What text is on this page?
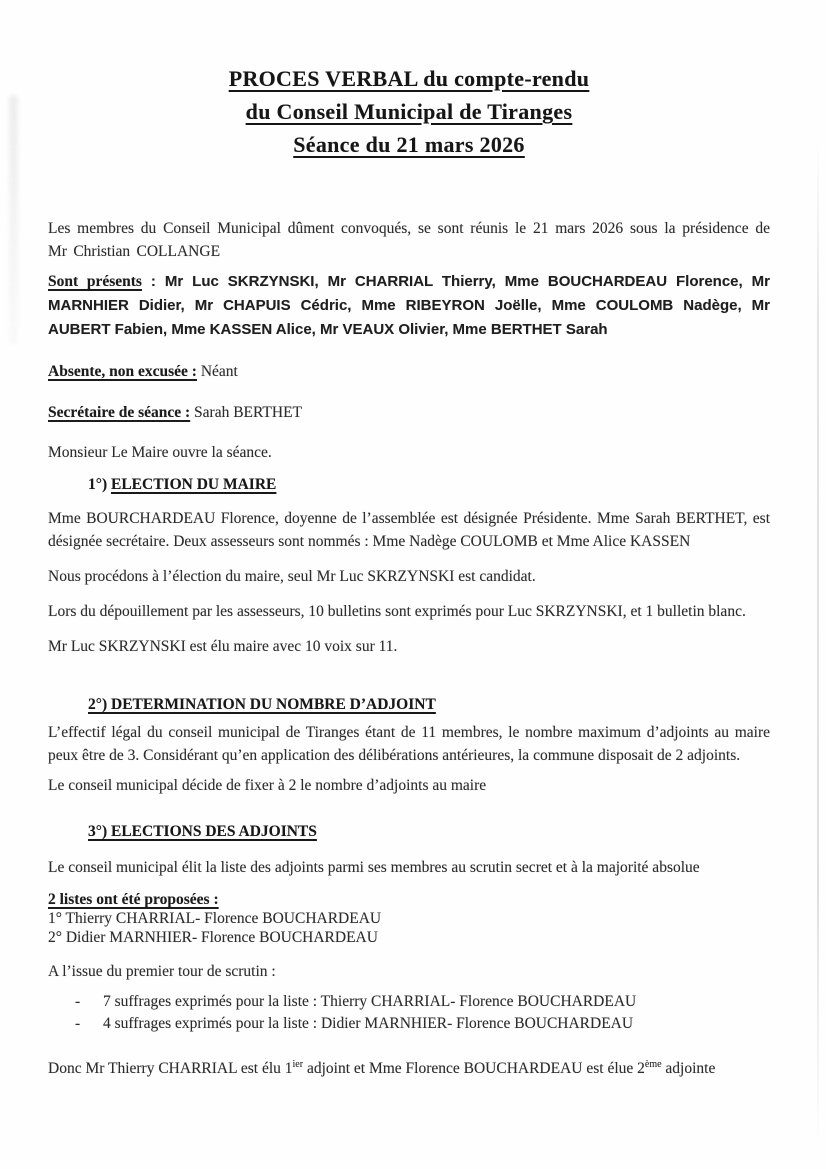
PROCES VERBAL du compte-rendu
du Conseil Municipal de Tiranges
Séance du 21 mars 2026

Les membres du Conseil Municipal dûment convoqués, se sont réunis le 21 mars 2026 sous la présidence de Mr Christian COLLANGE

Sont présents : Mr Luc SKRZYNSKI, Mr CHARRIAL Thierry, Mme BOUCHARDEAU Florence, Mr MARNHIER Didier, Mr CHAPUIS Cédric, Mme RIBEYRON Joëlle, Mme COULOMB Nadège, Mr AUBERT Fabien, Mme KASSEN Alice, Mr VEAUX Olivier, Mme BERTHET Sarah

Absente, non excusée : Néant

Secrétaire de séance : Sarah BERTHET

Monsieur Le Maire ouvre la séance.

1°) ELECTION DU MAIRE

Mme BOURCHARDEAU Florence, doyenne de l’assemblée est désignée Présidente. Mme Sarah BERTHET, est désignée secrétaire. Deux assesseurs sont nommés : Mme Nadège COULOMB et Mme Alice KASSEN

Nous procédons à l’élection du maire, seul Mr Luc SKRZYNSKI est candidat.

Lors du dépouillement par les assesseurs, 10 bulletins sont exprimés pour Luc SKRZYNSKI, et 1 bulletin blanc.

Mr Luc SKRZYNSKI est élu maire avec 10 voix sur 11.

2°) DETERMINATION DU NOMBRE D’ADJOINT

L’effectif légal du conseil municipal de Tiranges étant de 11 membres, le nombre maximum d’adjoints au maire peux être de 3. Considérant qu’en application des délibérations antérieures, la commune disposait de 2 adjoints.

Le conseil municipal décide de fixer à 2 le nombre d’adjoints au maire

3°) ELECTIONS DES ADJOINTS

Le conseil municipal élit la liste des adjoints parmi ses membres au scrutin secret et à la majorité absolue

2 listes ont été proposées :
1° Thierry CHARRIAL- Florence BOUCHARDEAU
2° Didier MARNHIER- Florence BOUCHARDEAU

A l’issue du premier tour de scrutin :

-	7 suffrages exprimés pour la liste : Thierry CHARRIAL- Florence BOUCHARDEAU
-	4 suffrages exprimés pour la liste : Didier MARNHIER- Florence BOUCHARDEAU

Donc Mr Thierry CHARRIAL est élu $1^{ier}$ adjoint et Mme Florence BOUCHARDEAU est élue 2ème adjointe
